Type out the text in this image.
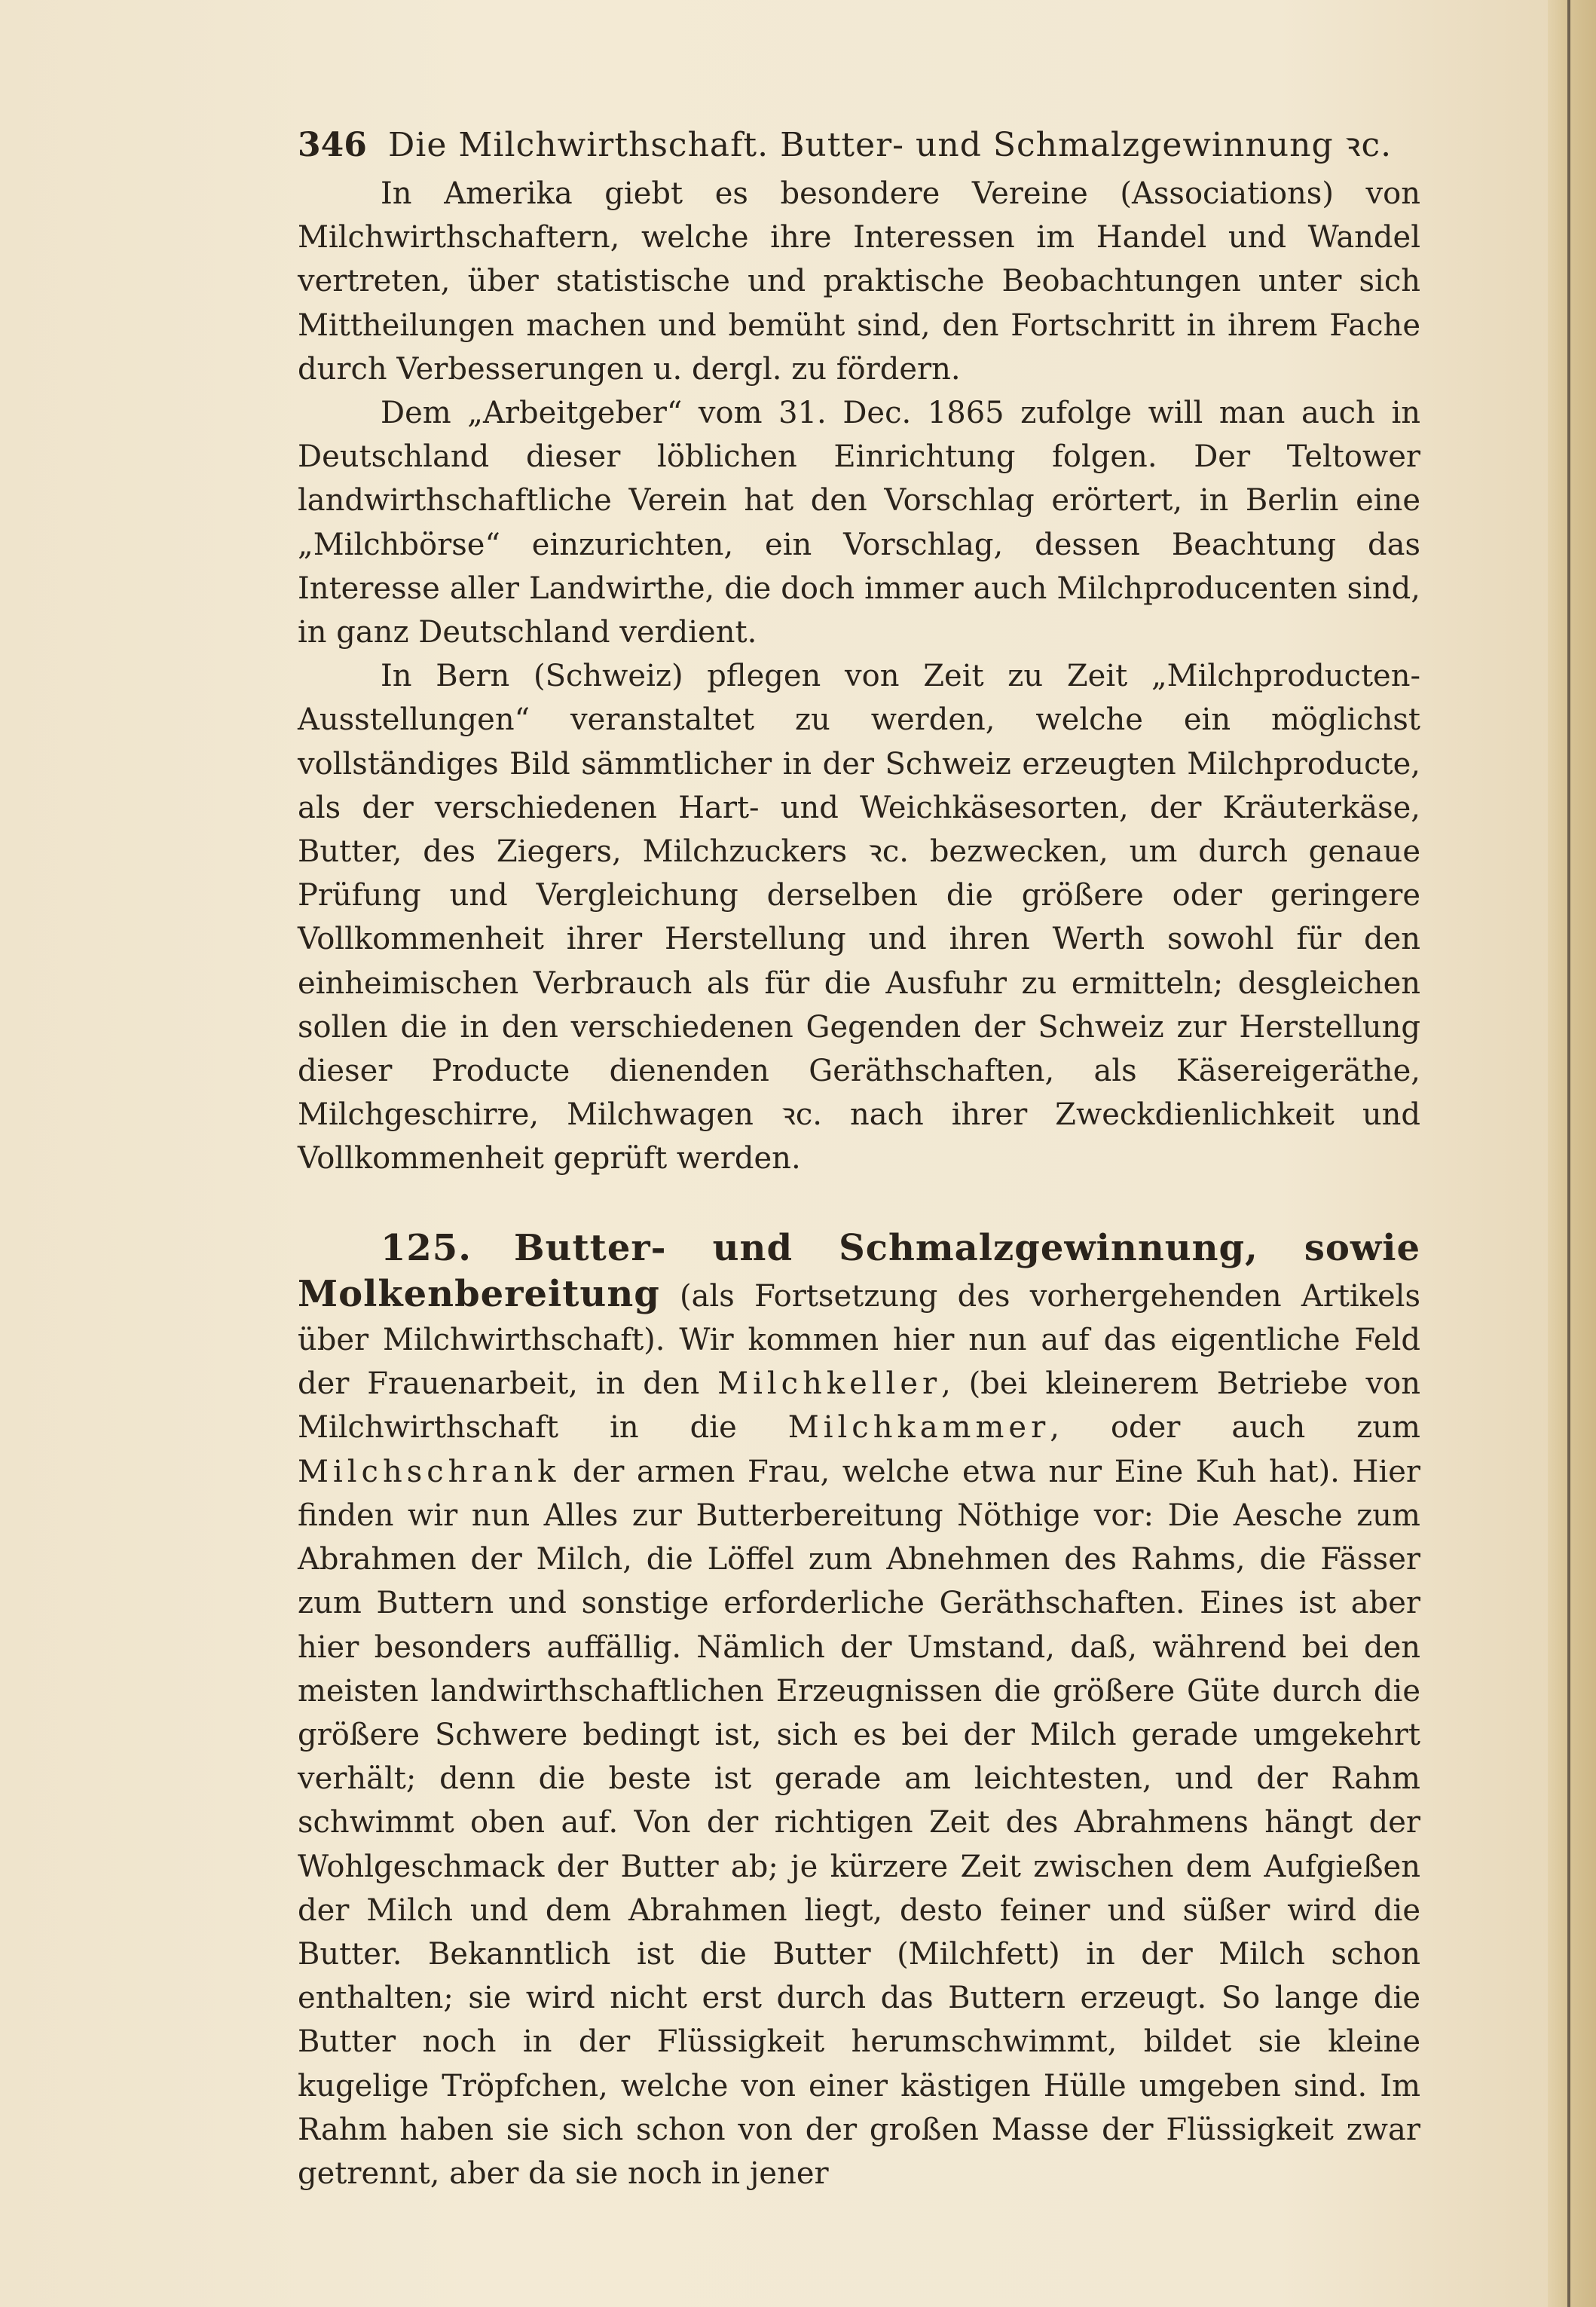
346 Die Milchwirthschaft. Butter- und Schmalzgewinnung ꝛc.

In Amerika giebt es besondere Vereine (Associations) von Milchwirthschaftern, welche ihre Interessen im Handel und Wandel vertreten, über statistische und praktische Beobachtungen unter sich Mittheilungen machen und bemüht sind, den Fortschritt in ihrem Fache durch Verbesserungen u. dergl. zu fördern.

Dem „Arbeitgeber“ vom 31. Dec. 1865 zufolge will man auch in Deutschland dieser löblichen Einrichtung folgen. Der Teltower landwirthschaftliche Verein hat den Vorschlag erörtert, in Berlin eine „Milchbörse“ einzurichten, ein Vorschlag, dessen Beachtung das Interesse aller Landwirthe, die doch immer auch Milchproducenten sind, in ganz Deutschland verdient.

In Bern (Schweiz) pflegen von Zeit zu Zeit „Milchproducten-Ausstellungen“ veranstaltet zu werden, welche ein möglichst vollständiges Bild sämmtlicher in der Schweiz erzeugten Milchproducte, als der verschiedenen Hart- und Weichkäsesorten, der Kräuterkäse, Butter, des Ziegers, Milchzuckers ꝛc. bezwecken, um durch genaue Prüfung und Vergleichung derselben die größere oder geringere Vollkommenheit ihrer Herstellung und ihren Werth sowohl für den einheimischen Verbrauch als für die Ausfuhr zu ermitteln; desgleichen sollen die in den verschiedenen Gegenden der Schweiz zur Herstellung dieser Producte dienenden Geräthschaften, als Käsereigeräthe, Milchgeschirre, Milchwagen ꝛc. nach ihrer Zweckdienlichkeit und Vollkommenheit geprüft werden.

125. Butter- und Schmalzgewinnung, sowie Molkenbereitung (als Fortsetzung des vorhergehenden Artikels über Milchwirthschaft). Wir kommen hier nun auf das eigentliche Feld der Frauenarbeit, in den Milchkeller, (bei kleinerem Betriebe von Milchwirthschaft in die Milchkammer, oder auch zum Milchschrank der armen Frau, welche etwa nur Eine Kuh hat). Hier finden wir nun Alles zur Butterbereitung Nöthige vor: Die Aesche zum Abrahmen der Milch, die Löffel zum Abnehmen des Rahms, die Fässer zum Buttern und sonstige erforderliche Geräthschaften. Eines ist aber hier besonders auffällig. Nämlich der Umstand, daß, während bei den meisten landwirthschaftlichen Erzeugnissen die größere Güte durch die größere Schwere bedingt ist, sich es bei der Milch gerade umgekehrt verhält; denn die beste ist gerade am leichtesten, und der Rahm schwimmt oben auf. Von der richtigen Zeit des Abrahmens hängt der Wohlgeschmack der Butter ab; je kürzere Zeit zwischen dem Aufgießen der Milch und dem Abrahmen liegt, desto feiner und süßer wird die Butter. Bekanntlich ist die Butter (Milchfett) in der Milch schon enthalten; sie wird nicht erst durch das Buttern erzeugt. So lange die Butter noch in der Flüssigkeit herumschwimmt, bildet sie kleine kugelige Tröpfchen, welche von einer kästigen Hülle umgeben sind. Im Rahm haben sie sich schon von der großen Masse der Flüssigkeit zwar getrennt, aber da sie noch in jener
